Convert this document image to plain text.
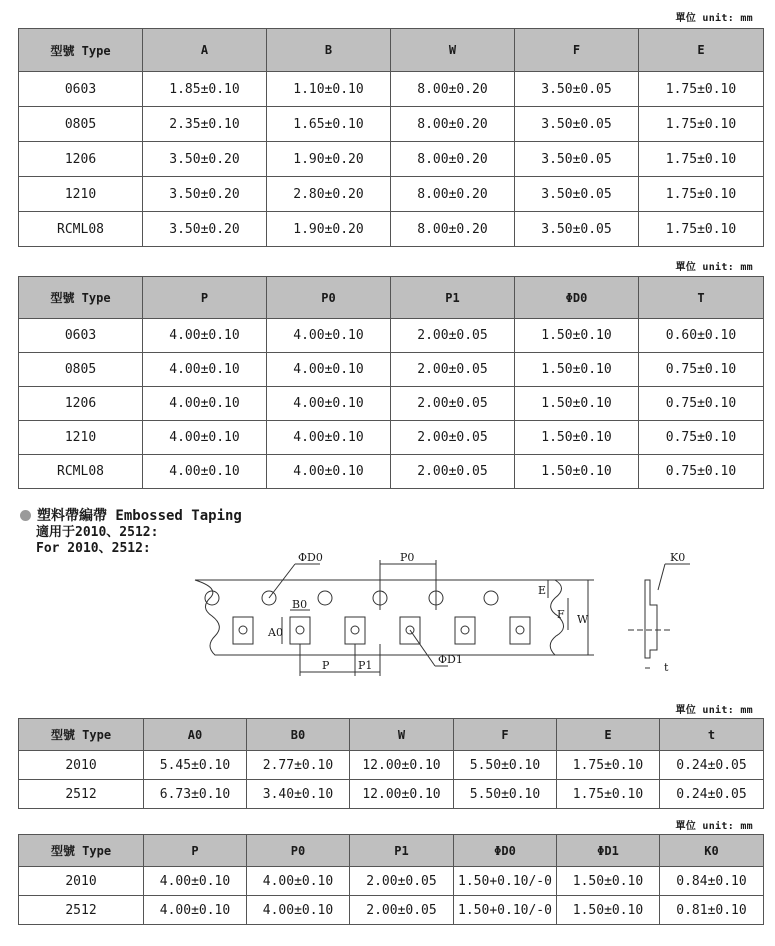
單位 unit: mm
單位 unit: mm
單位 unit: mm
單位 unit: mm
型號 Type	A	B	W	F	E
0603	1.85±0.10	1.10±0.10	8.00±0.20	3.50±0.05	1.75±0.10
0805	2.35±0.10	1.65±0.10	8.00±0.20	3.50±0.05	1.75±0.10
1206	3.50±0.20	1.90±0.20	8.00±0.20	3.50±0.05	1.75±0.10
1210	3.50±0.20	2.80±0.20	8.00±0.20	3.50±0.05	1.75±0.10
RCML08	3.50±0.20	1.90±0.20	8.00±0.20	3.50±0.05	1.75±0.10
型號 Type	P	P0	P1	ΦD0	T
0603	4.00±0.10	4.00±0.10	2.00±0.05	1.50±0.10	0.60±0.10
0805	4.00±0.10	4.00±0.10	2.00±0.05	1.50±0.10	0.75±0.10
1206	4.00±0.10	4.00±0.10	2.00±0.05	1.50±0.10	0.75±0.10
1210	4.00±0.10	4.00±0.10	2.00±0.05	1.50±0.10	0.75±0.10
RCML08	4.00±0.10	4.00±0.10	2.00±0.05	1.50±0.10	0.75±0.10
塑料帶編帶 Embossed Taping
適用于2010、2512:
For 2010、2512:
ΦD0	P0
B0
A0
P	P1	ΦD1
E
F W
K0
t
型號 Type	A0	B0	W	F	E	t
2010	5.45±0.10	2.77±0.10	12.00±0.10	5.50±0.10	1.75±0.10	0.24±0.05
2512	6.73±0.10	3.40±0.10	12.00±0.10	5.50±0.10	1.75±0.10	0.24±0.05
型號 Type	P	P0	P1	ΦD0	ΦD1	K0
2010	4.00±0.10	4.00±0.10	2.00±0.05	1.50+0.10/-0	1.50±0.10	0.84±0.10
2512	4.00±0.10	4.00±0.10	2.00±0.05	1.50+0.10/-0	1.50±0.10	0.81±0.10
